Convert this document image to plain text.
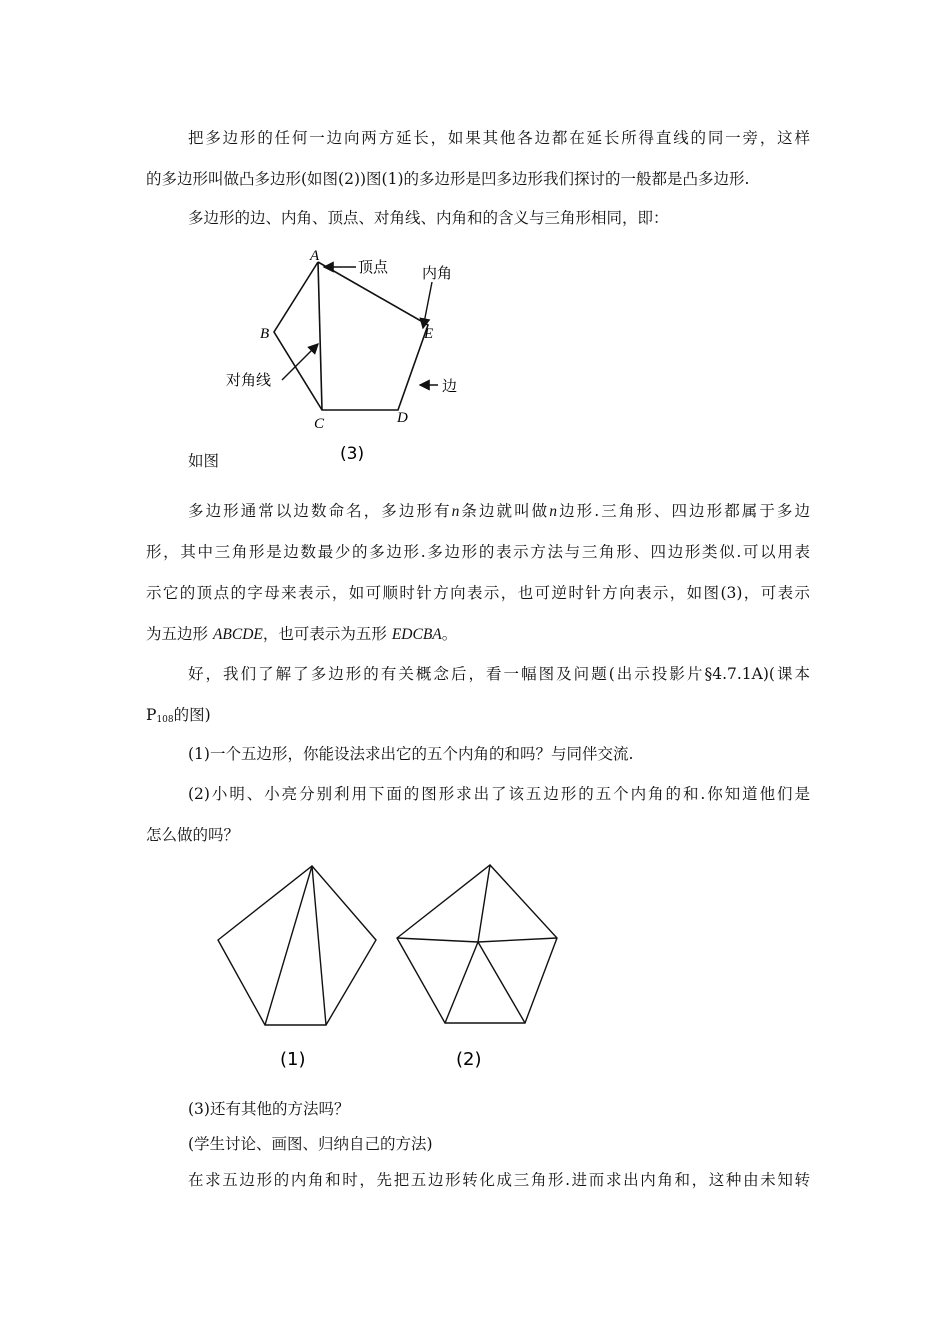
把多边形的任何一边向两方延长，如果其他各边都在延长所得直线的同一旁，这样
的多边形叫做凸多边形(如图(2))图(1)的多边形是凹多边形我们探讨的一般都是凸多边形.
多边形的边、内角、顶点、对角线、内角和的含义与三角形相同，即：
A
B
C	D
E
顶点 内角
对角线	边
(3)
如图
多边形通常以边数命名，多边形有n条边就叫做n边形.三角形、四边形都属于多边
形，其中三角形是边数最少的多边形.多边形的表示方法与三角形、四边形类似.可以用表
示它的顶点的字母来表示，如可顺时针方向表示，也可逆时针方向表示，如图(3)，可表示
为五边形 ABCDE，也可表示为五形 EDCBA。
好，我们了解了多边形的有关概念后，看一幅图及问题(出示投影片§4.7.1A)(课本
$P_{108}$的图)
(1)一个五边形，你能设法求出它的五个内角的和吗？与同伴交流.
(2)小明、小亮分别利用下面的图形求出了该五边形的五个内角的和.你知道他们是
怎么做的吗？
(1)	(2)
(3)还有其他的方法吗？
(学生讨论、画图、归纳自己的方法)
在求五边形的内角和时，先把五边形转化成三角形.进而求出内角和，这种由未知转
